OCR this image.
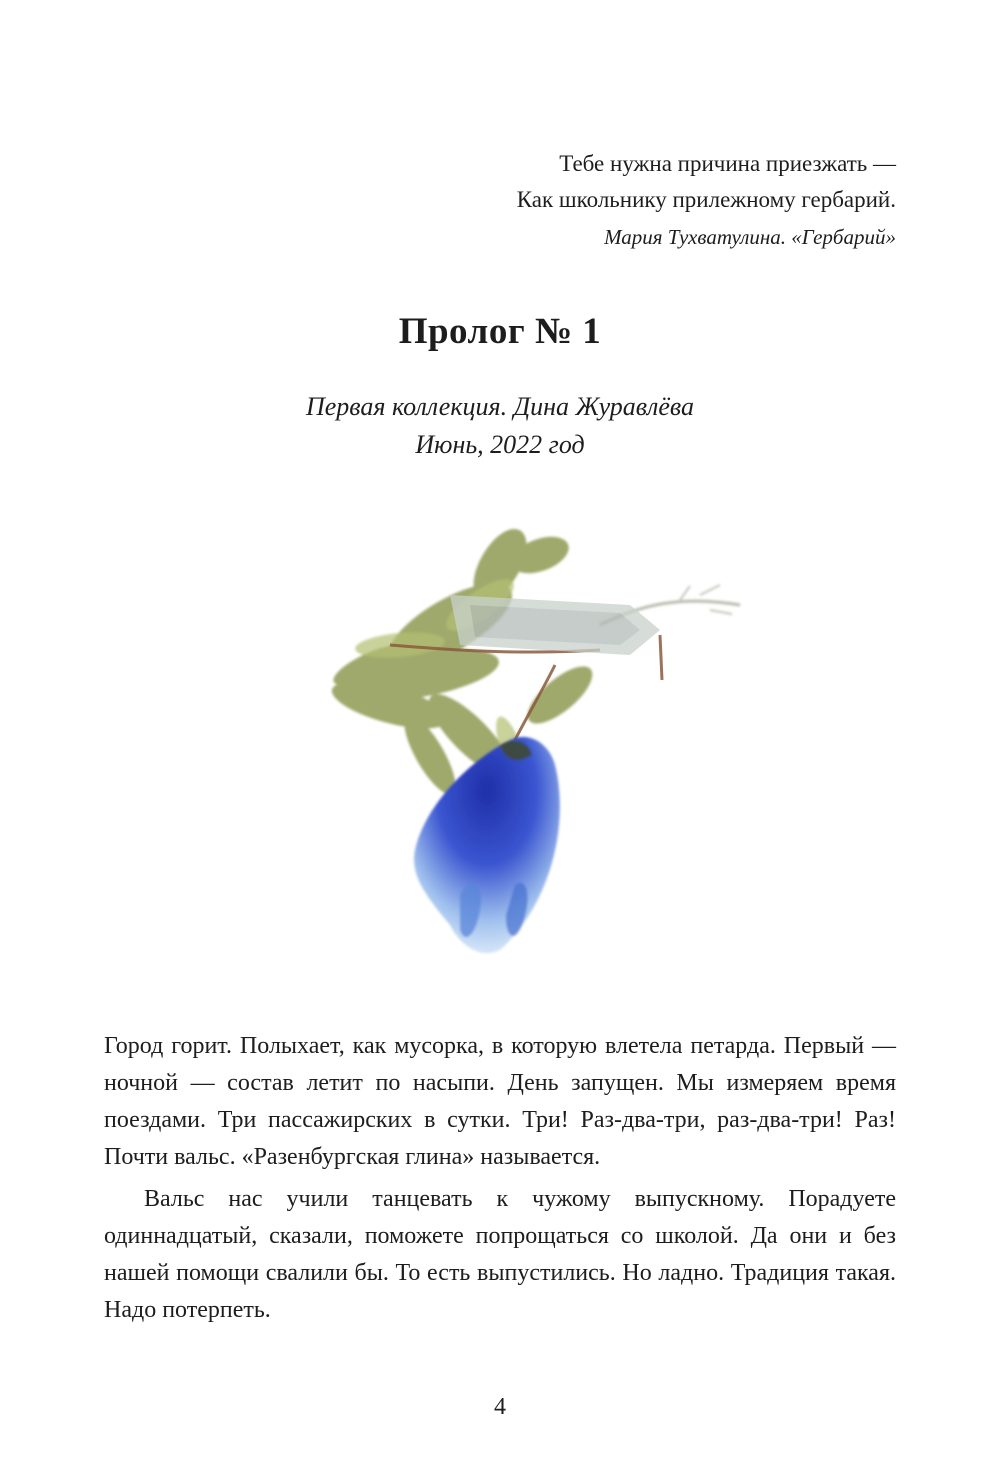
Тебе нужна причина приезжать —
Как школьнику прилежному гербарий.
Мария Тухватулина. «Гербарий»
Пролог № 1
Первая коллекция. Дина Журавлёва
Июнь, 2022 год

Город горит. Полыхает, как мусорка, в которую влетела петарда. Первый — ночной — состав летит по насыпи. День запущен. Мы измеряем время поездами. Три пассажирских в сутки. Три! Раз-два-три, раз-два-три! Раз! Почти вальс. «Разенбургская глина» называется.

Вальс нас учили танцевать к чужому выпускному. Порадуете одиннадцатый, сказали, поможете попрощаться со школой. Да они и без нашей помощи свалили бы. То есть выпустились. Но ладно. Традиция такая. Надо потерпеть.

4
